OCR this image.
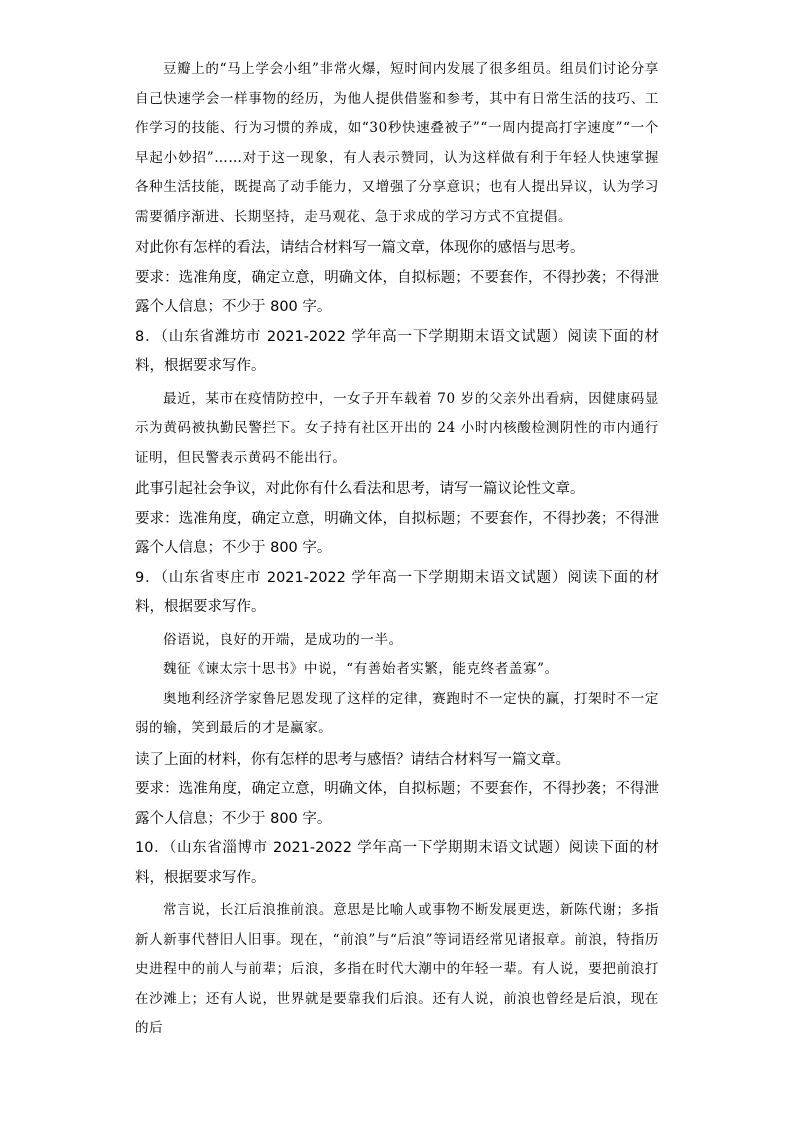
豆瓣上的“马上学会小组”非常火爆，短时间内发展了很多组员。组员们讨论分享自己快速学会一样事物的经历，为他人提供借鉴和参考，其中有日常生活的技巧、工作学习的技能、行为习惯的养成，如“30秒快速叠被子”“一周内提高打字速度”“一个早起小妙招”……对于这一现象，有人表示赞同，认为这样做有利于年轻人快速掌握各种生活技能，既提高了动手能力，又增强了分享意识；也有人提出异议，认为学习需要循序渐进、长期坚持，走马观花、急于求成的学习方式不宜提倡。

对此你有怎样的看法，请结合材料写一篇文章，体现你的感悟与思考。

要求：选准角度，确定立意，明确文体，自拟标题；不要套作，不得抄袭；不得泄露个人信息；不少于 800 字。

8．（山东省潍坊市 2021-2022 学年高一下学期期末语文试题）阅读下面的材料，根据要求写作。

最近，某市在疫情防控中，一女子开车载着 70 岁的父亲外出看病，因健康码显示为黄码被执勤民警拦下。女子持有社区开出的 24 小时内核酸检测阴性的市内通行证明，但民警表示黄码不能出行。

此事引起社会争议，对此你有什么看法和思考，请写一篇议论性文章。

要求：选准角度，确定立意，明确文体，自拟标题；不要套作，不得抄袭；不得泄露个人信息；不少于 800 字。

9．（山东省枣庄市 2021-2022 学年高一下学期期末语文试题）阅读下面的材料，根据要求写作。

俗语说，良好的开端，是成功的一半。

魏征《谏太宗十思书》中说，“有善始者实繁，能克终者盖寡”。

奥地利经济学家鲁尼恩发现了这样的定律，赛跑时不一定快的赢，打架时不一定弱的输，笑到最后的才是赢家。

读了上面的材料，你有怎样的思考与感悟？请结合材料写一篇文章。

要求：选准角度，确定立意，明确文体，自拟标题；不要套作，不得抄袭；不得泄露个人信息；不少于 800 字。

10．（山东省淄博市 2021-2022 学年高一下学期期末语文试题）阅读下面的材料，根据要求写作。

常言说，长江后浪推前浪。意思是比喻人或事物不断发展更迭，新陈代谢；多指新人新事代替旧人旧事。现在，“前浪”与“后浪”等词语经常见诸报章。前浪，特指历史进程中的前人与前辈；后浪，多指在时代大潮中的年轻一辈。有人说，要把前浪打在沙滩上；还有人说，世界就是要靠我们后浪。还有人说，前浪也曾经是后浪，现在的后
